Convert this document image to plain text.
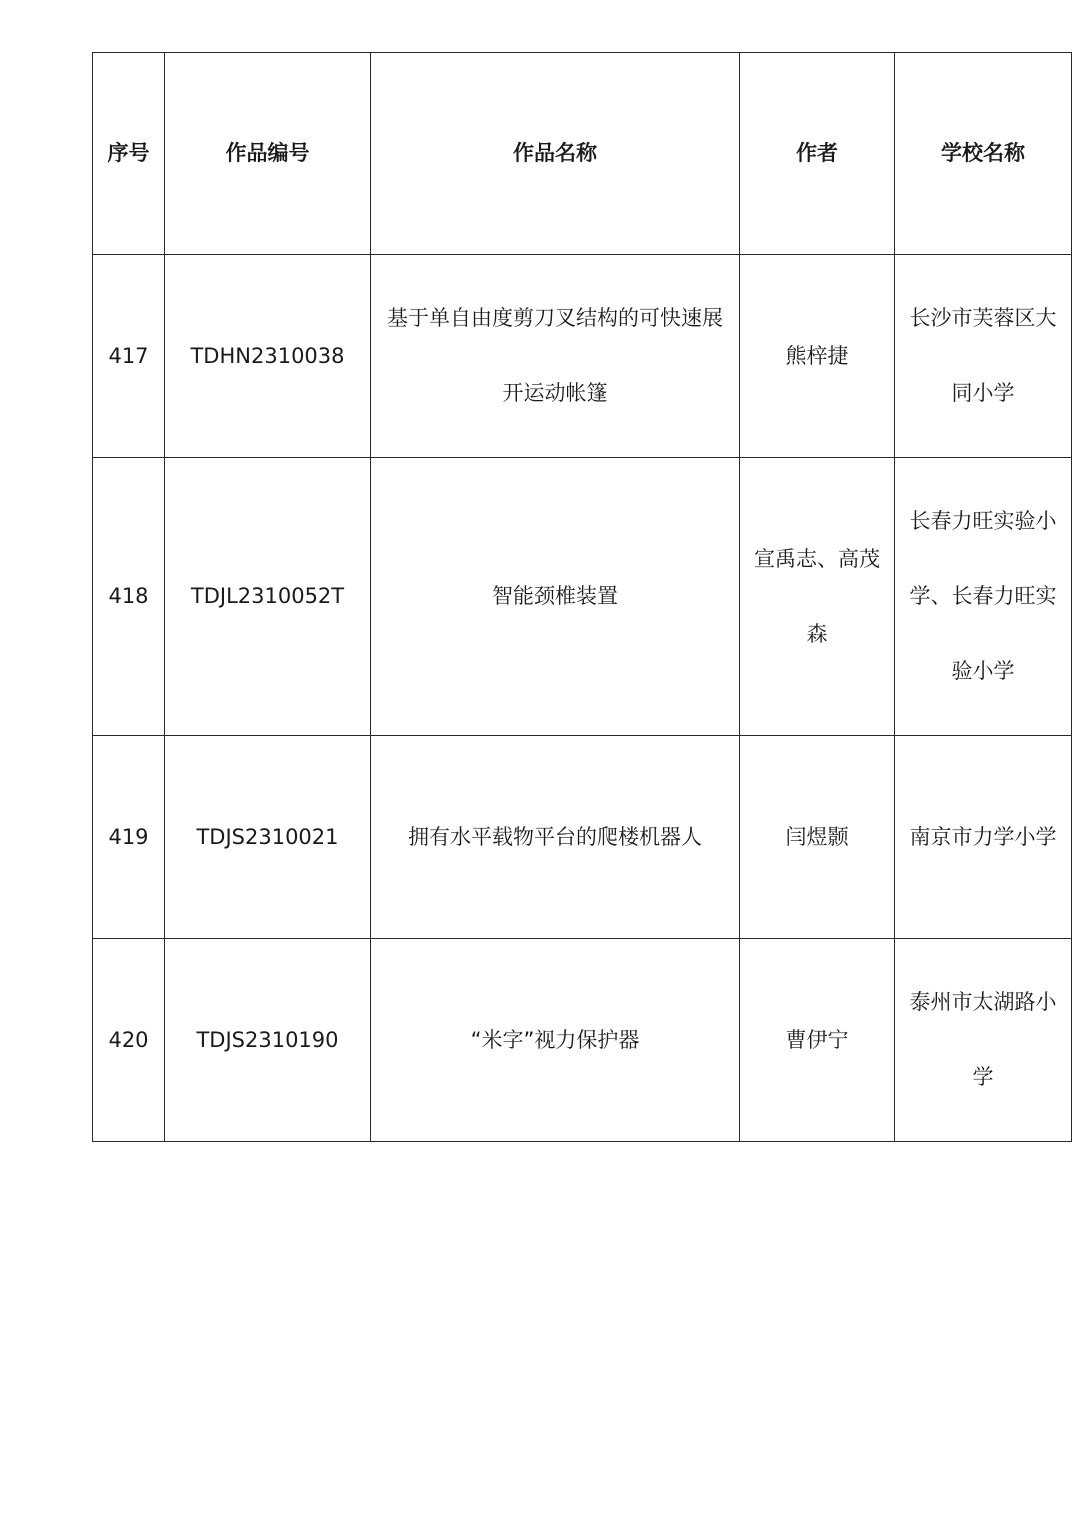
序号	作品编号	作品名称	作者	学校名称
417	TDHN2310038	基于单自由度剪刀叉结构的可快速展开运动帐篷	熊梓捷	长沙市芙蓉区大同小学
418	TDJL2310052T	智能颈椎装置	宣禹志、高茂森	长春力旺实验小学、长春力旺实验小学
419	TDJS2310021	拥有水平载物平台的爬楼机器人	闫煜颢	南京市力学小学
420	TDJS2310190	“米字”视力保护器	曹伊宁	泰州市太湖路小学
